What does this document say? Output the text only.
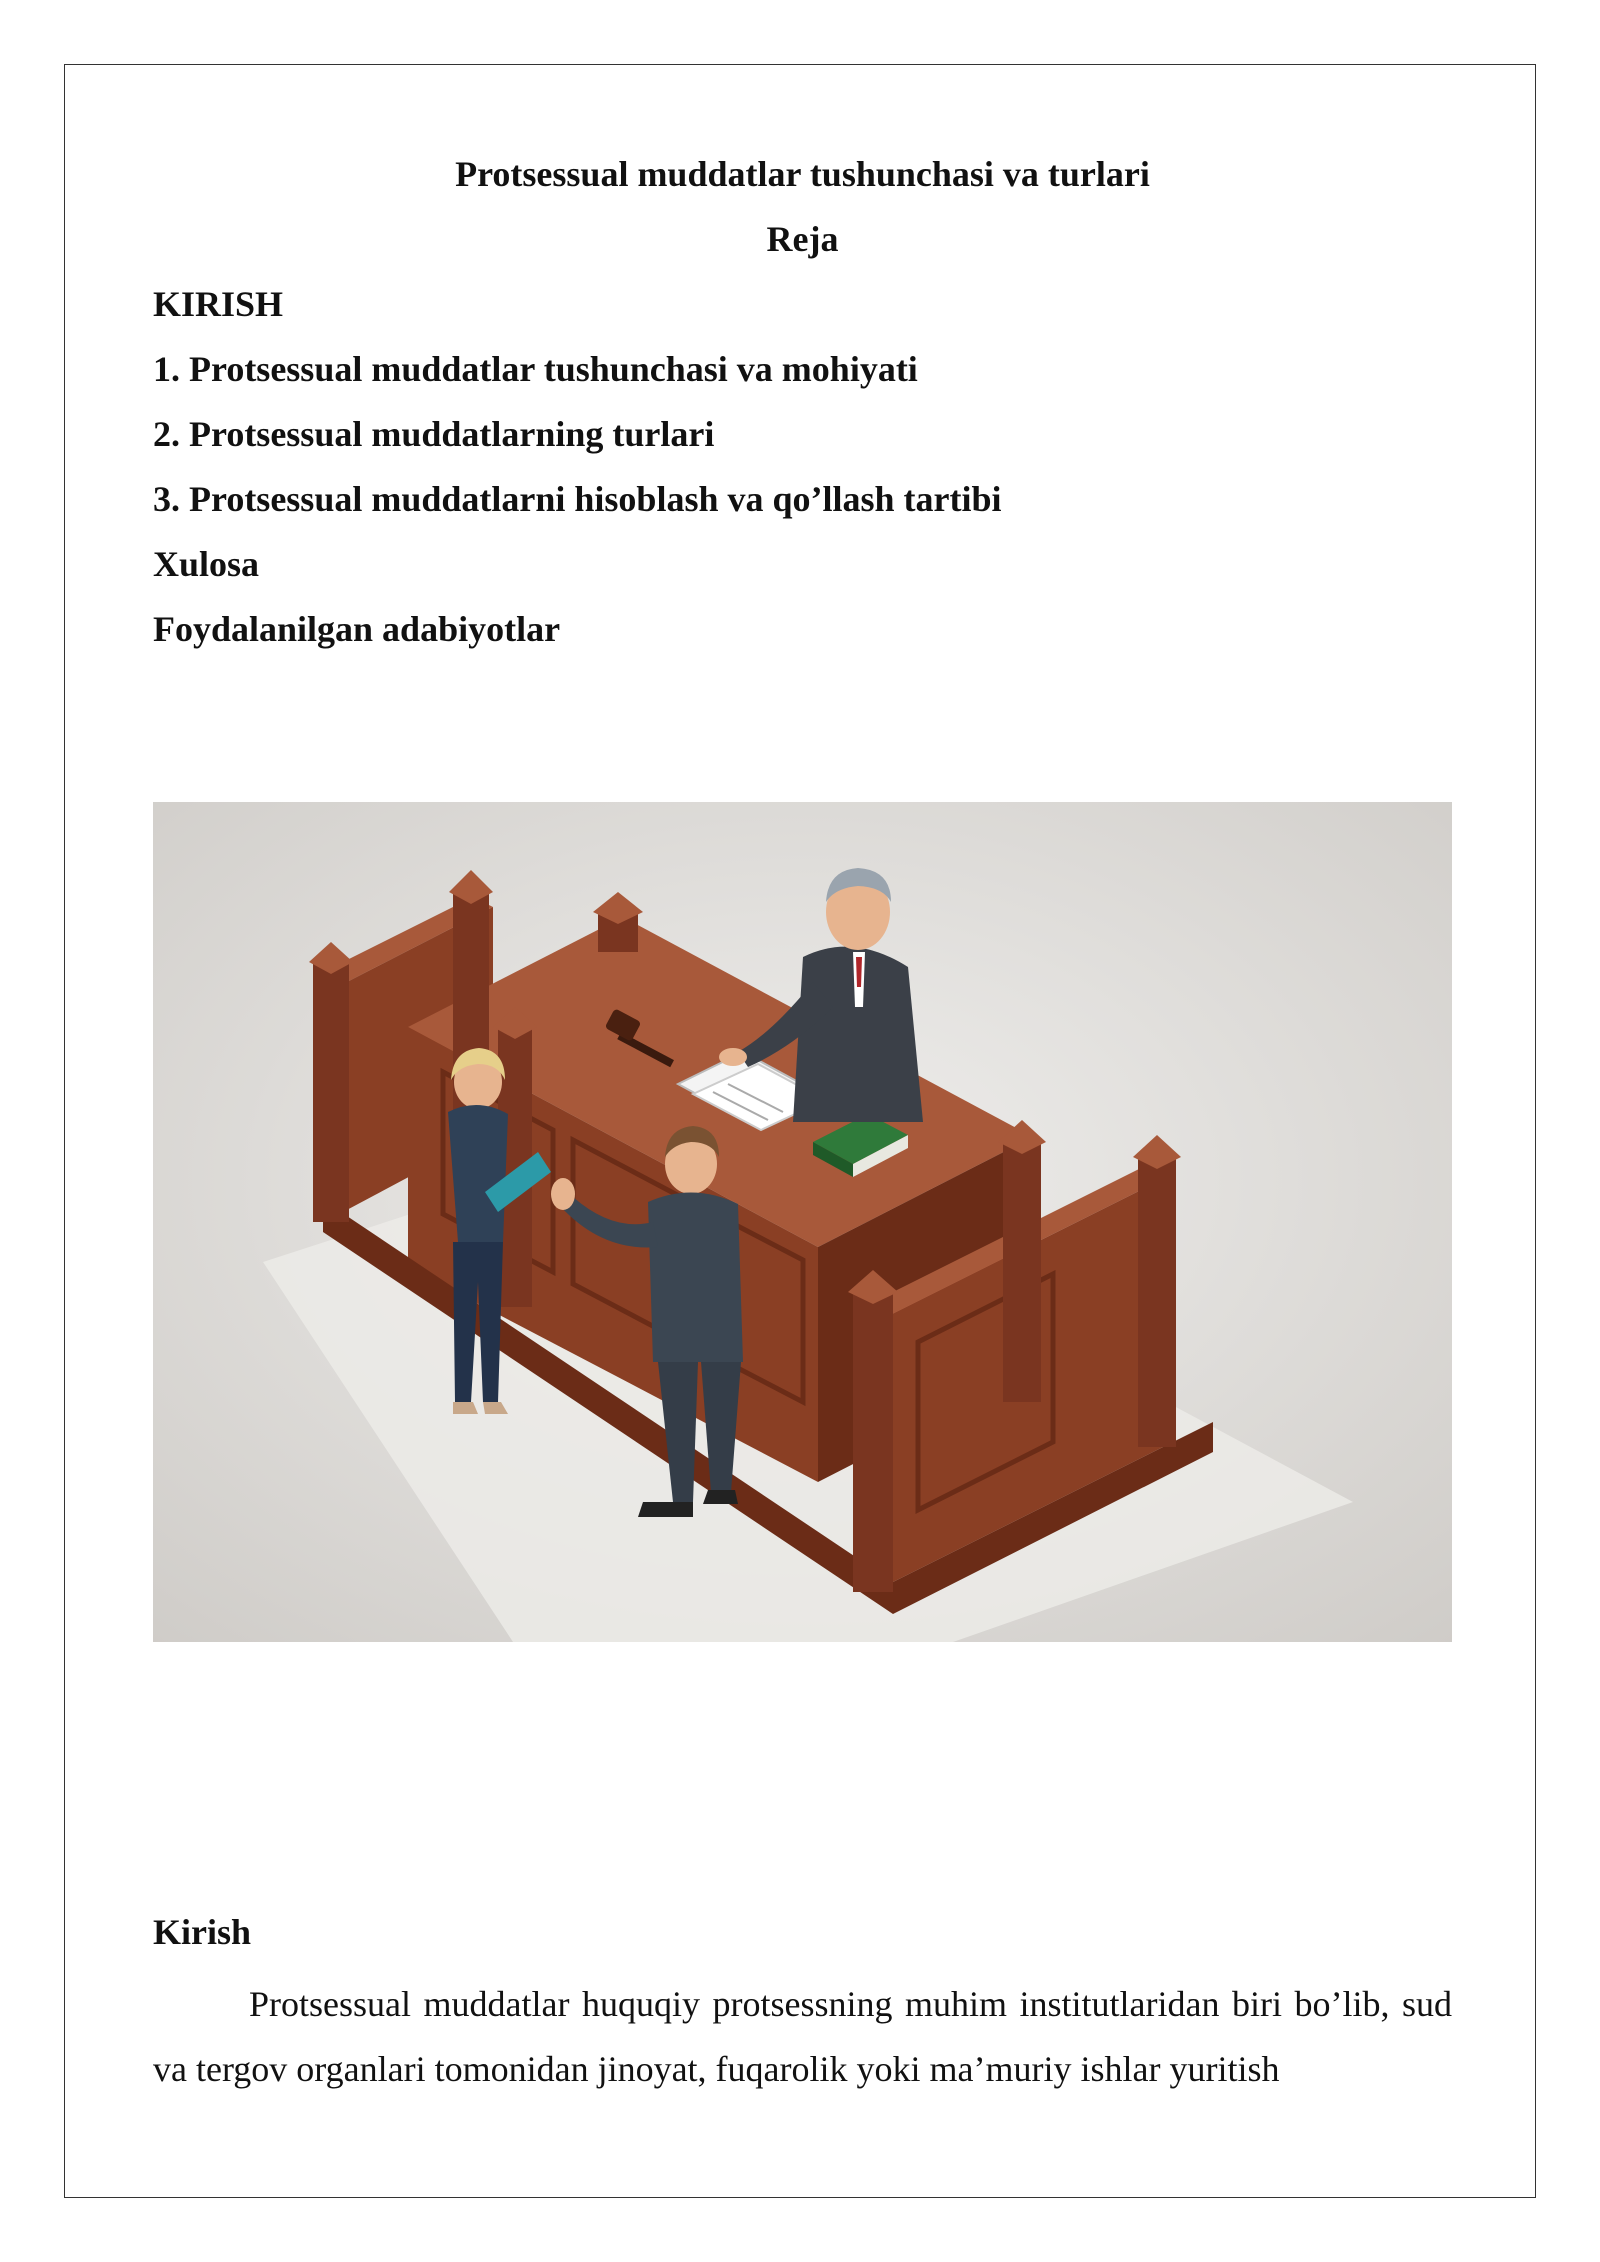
Protsessual muddatlar tushunchasi va turlari
Reja
KIRISH
1. Protsessual muddatlar tushunchasi va mohiyati
2. Protsessual muddatlarning turlari
3. Protsessual muddatlarni hisoblash va qo’llash tartibi
Xulosa
Foydalanilgan adabiyotlar
Kirish

Protsessual muddatlar huquqiy protsessning muhim institutlaridan biri bo’lib, sud va tergov organlari tomonidan jinoyat, fuqarolik yoki ma’muriy ishlar yuritish
